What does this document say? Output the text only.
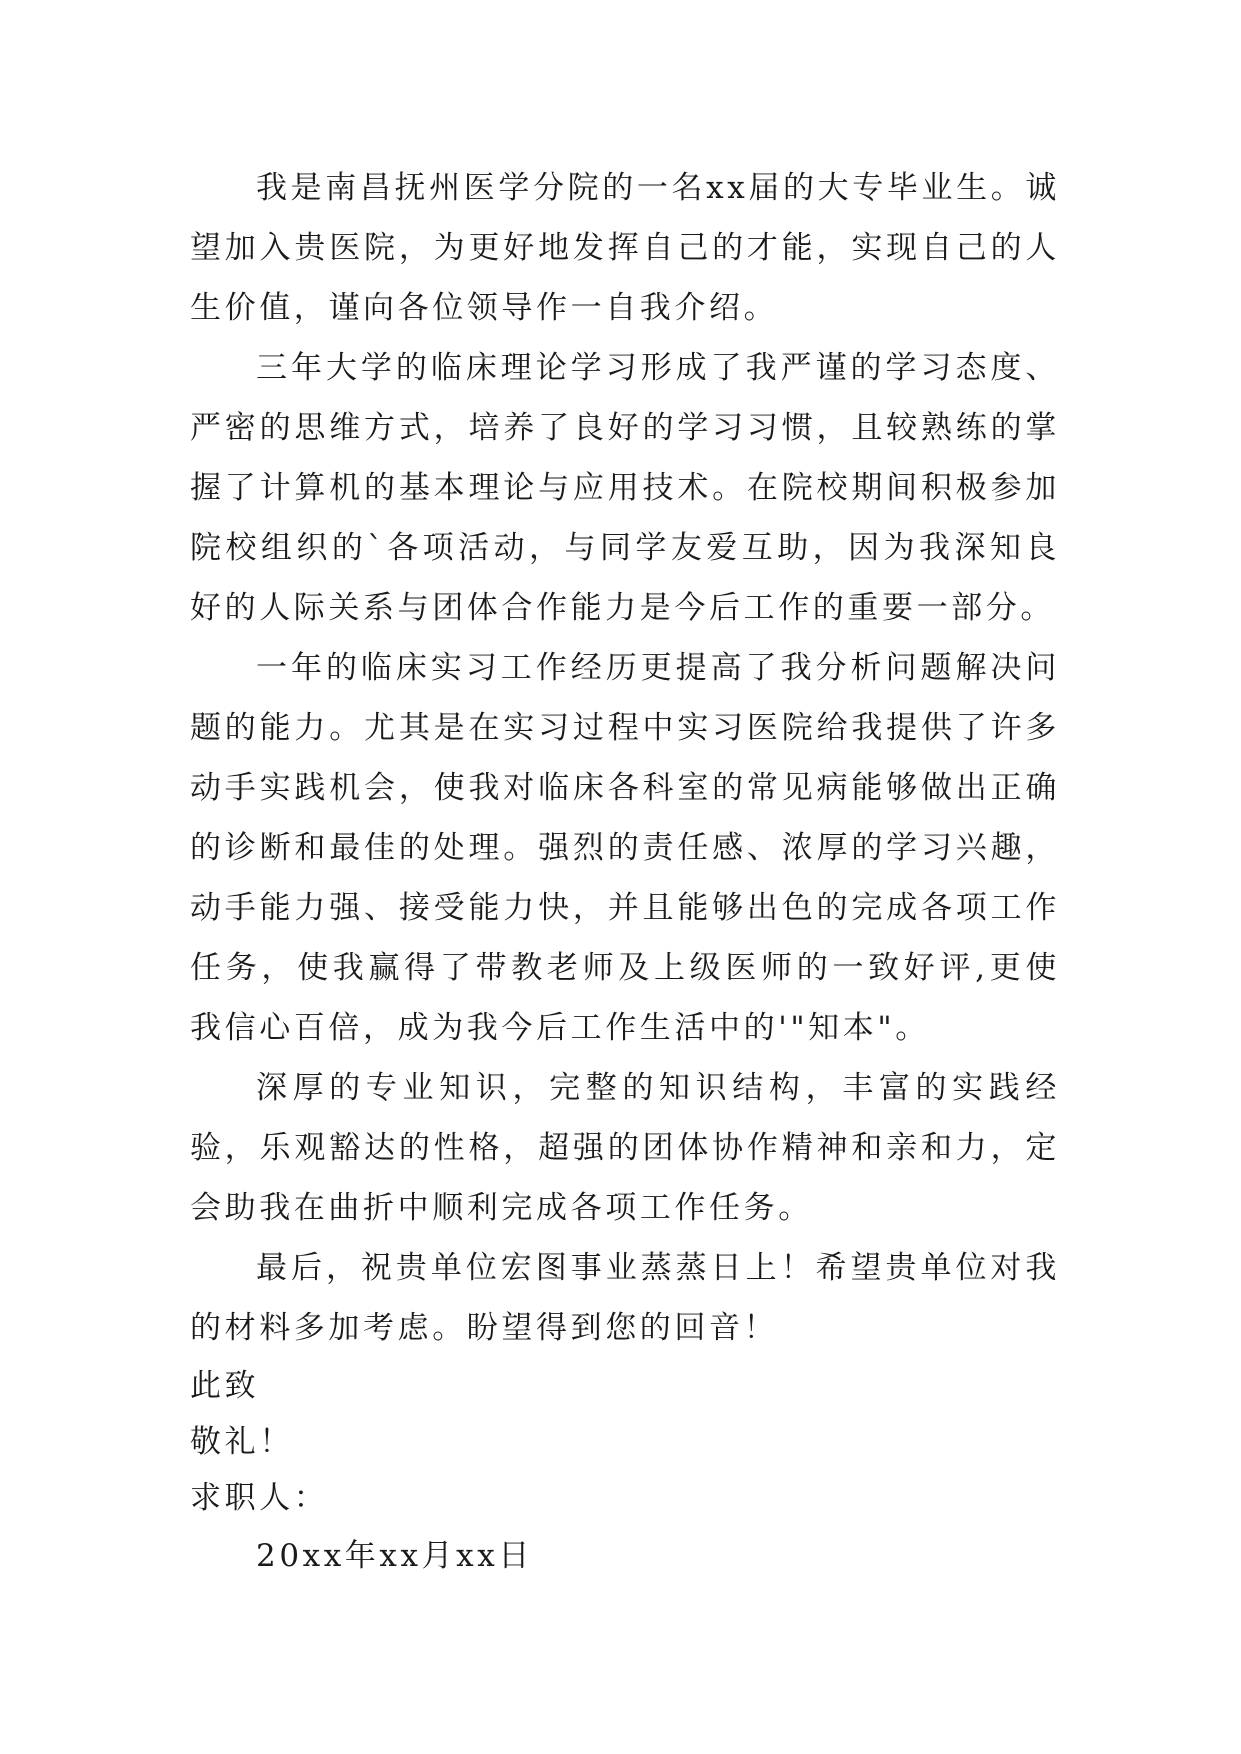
我是南昌抚州医学分院的一名xx届的大专毕业生。诚望加入贵医院，为更好地发挥自己的才能，实现自己的人生价值，谨向各位领导作一自我介绍。

三年大学的临床理论学习形成了我严谨的学习态度、严密的思维方式，培养了良好的学习习惯，且较熟练的掌握了计算机的基本理论与应用技术。在院校期间积极参加院校组织的`各项活动，与同学友爱互助，因为我深知良好的人际关系与团体合作能力是今后工作的重要一部分。

一年的临床实习工作经历更提高了我分析问题解决问题的能力。尤其是在实习过程中实习医院给我提供了许多动手实践机会，使我对临床各科室的常见病能够做出正确的诊断和最佳的处理。强烈的责任感、浓厚的学习兴趣，动手能力强、接受能力快，并且能够出色的完成各项工作任务，使我赢得了带教老师及上级医师的一致好评,更使我信心百倍，成为我今后工作生活中的'"知本"。

深厚的专业知识，完整的知识结构，丰富的实践经验，乐观豁达的性格，超强的团体协作精神和亲和力，定会助我在曲折中顺利完成各项工作任务。

最后，祝贵单位宏图事业蒸蒸日上！希望贵单位对我的材料多加考虑。盼望得到您的回音！

此致

敬礼！

求职人：

20xx年xx月xx日
